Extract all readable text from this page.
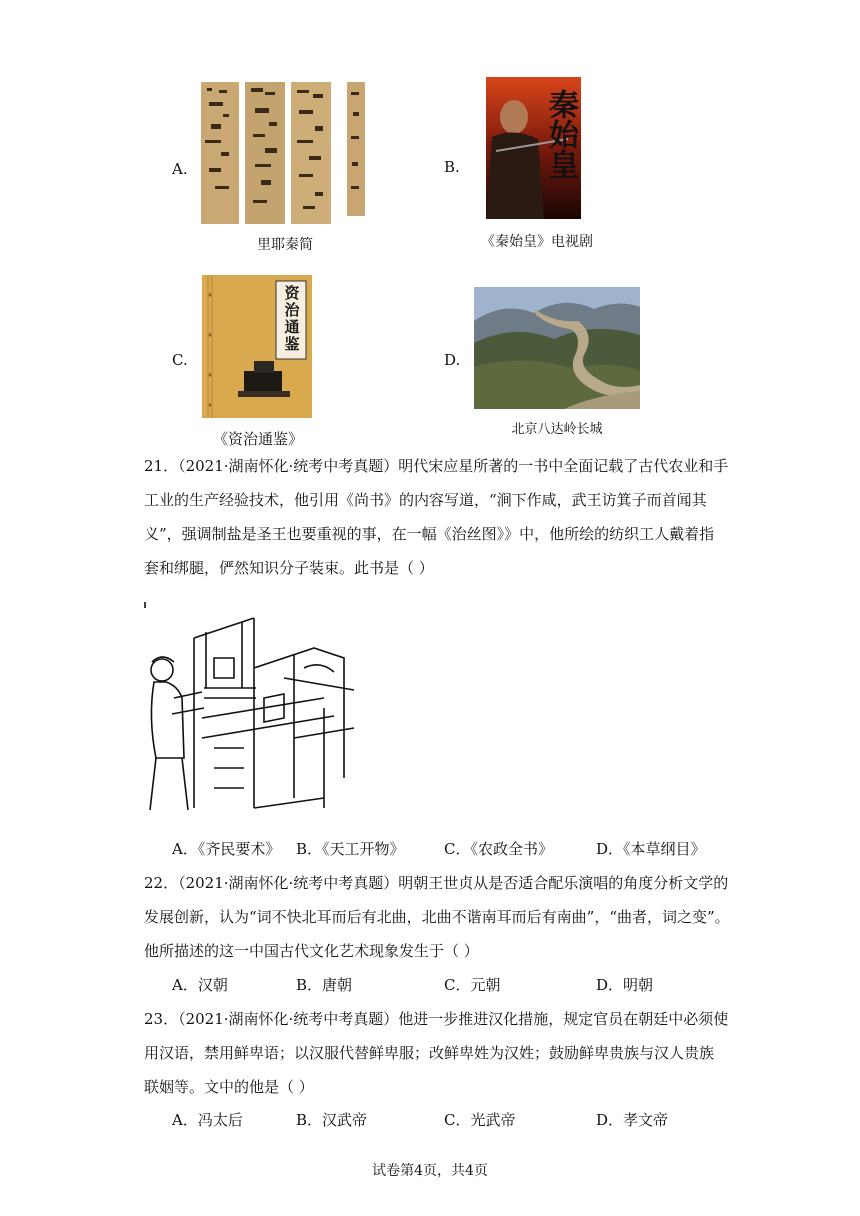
A.
里耶秦简
B.	秦始皇
《秦始皇》电视剧
C.
资治通鉴
《资治通鉴》
D.
北京八达岭长城
21．（2021·湖南怀化·统考中考真题）明代宋应星所著的一书中全面记载了古代农业和手
工业的生产经验技术，他引用《尚书》的内容写道，“涧下作咸，武王访箕子而首闻其
义”，强调制盐是圣王也要重视的事，在一幅《治丝图》》中，他所绘的纺织工人戴着指
套和绑腿，俨然知识分子装束。此书是（ ）
A．《齐民要术》 B．《天工开物》	C．《农政全书》	D．《本草纲目》
22．（2021·湖南怀化·统考中考真题）明朝王世贞从是否适合配乐演唱的角度分析文学的
发展创新，认为“词不快北耳而后有北曲，北曲不谐南耳而后有南曲”，“曲者，词之变”。
他所描述的这一中国古代文化艺术现象发生于（ ）
A．汉朝	B．唐朝	C．元朝	D．明朝
23．（2021·湖南怀化·统考中考真题）他进一步推进汉化措施，规定官员在朝廷中必须使
用汉语，禁用鲜卑语；以汉服代替鲜卑服；改鲜卑姓为汉姓；鼓励鲜卑贵族与汉人贵族
联姻等。文中的他是（ ）
A．冯太后	B．汉武帝	C．光武帝	D．孝文帝
试卷第4页，共4页
